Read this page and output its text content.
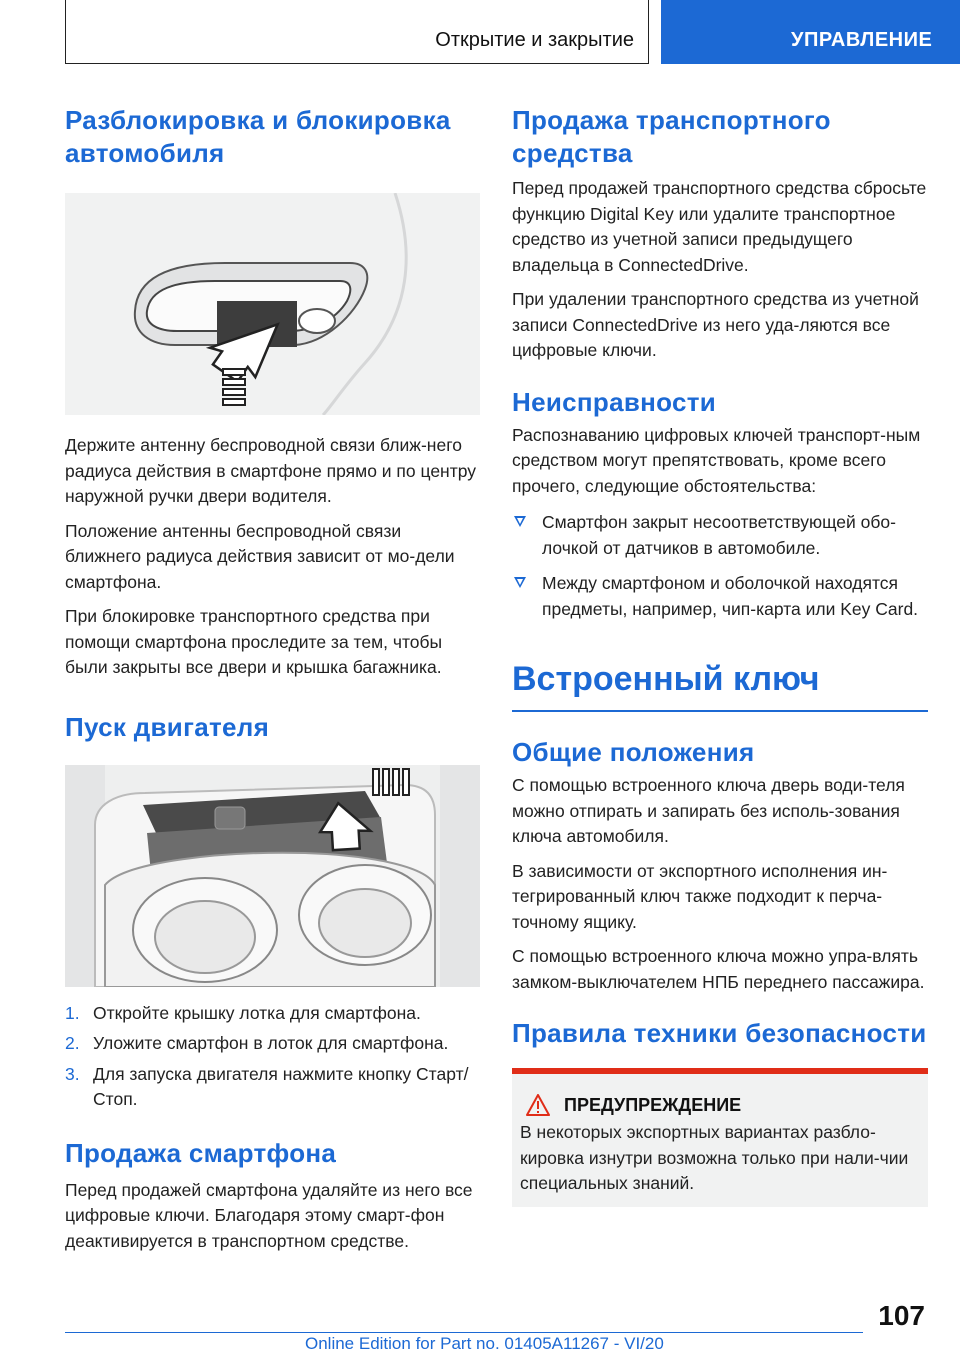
Открытие и закрытие	УПРАВЛЕНИЕ
Разблокировка и блокировка автомобиля

Держите антенну беспроводной связи ближ-него радиуса действия в смартфоне прямо и по центру наружной ручки двери водителя.

Положение антенны беспроводной связи ближнего радиуса действия зависит от мо-дели смартфона.

При блокировке транспортного средства при помощи смартфона проследите за тем, чтобы были закрыты все двери и крышка багажника.

Пуск двигателя
1. Откройте крышку лотка для смартфона.
2. Уложите смартфон в лоток для смартфона.
3. Для запуска двигателя нажмите кнопку Старт/Стоп.
Продажа смартфона

Перед продажей смартфона удаляйте из него все цифровые ключи. Благодаря этому смарт-фон деактивируется в транспортном средстве.

Продажа транспортного средства

Перед продажей транспортного средства сбросьте функцию Digital Key или удалите транспортное средство из учетной записи предыдущего владельца в ConnectedDrive.

При удалении транспортного средства из учетной записи ConnectedDrive из него уда-ляются все цифровые ключи.

Неисправности

Распознаванию цифровых ключей транспорт-ным средством могут препятствовать, кроме всего прочего, следующие обстоятельства:

Смартфон закрыт несоответствующей обо-лочкой от датчиков в автомобиле.
Между смартфоном и оболочкой находятся предметы, например, чип-карта или Key Card.
Встроенный ключ
Общие положения

С помощью встроенного ключа дверь води-теля можно отпирать и запирать без исполь-зования ключа автомобиля.

В зависимости от экспортного исполнения ин-тегрированный ключ также подходит к перча-точному ящику.

С помощью встроенного ключа можно упра-влять замком-выключателем НПБ переднего пассажира.

Правила техники безопасности
ПРЕДУПРЕЖДЕНИЕ

В некоторых экспортных вариантах разбло-кировка изнутри возможна только при нали-чии специальных знаний.

107
Online Edition for Part no. 01405A11267 - VI/20
